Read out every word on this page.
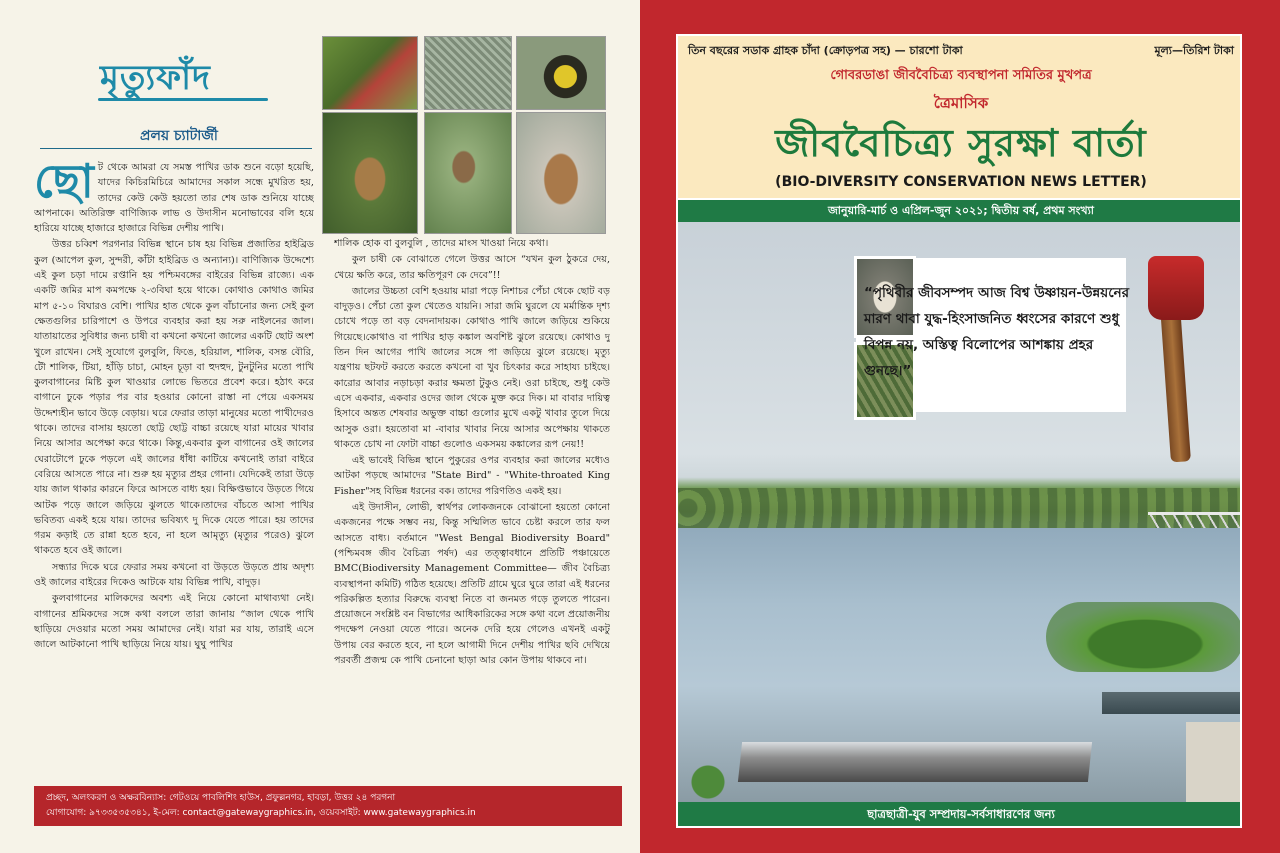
মৃত্যুফাঁদ
প্রলয় চ্যাটার্জী

ছোট থেকে আমরা যে সমস্ত পাখির ডাক শুনে বড়ো হয়েছি, যাদের কিচিরমিচিরে আমাদের সকাল সন্ধে মুখরিত হয়, তাদের কেউ কেউ হয়তো তার শেষ ডাক শুনিয়ে যাচ্ছে আপনাকে। অতিরিক্ত বাণিজ্যিক লাভ ও উদাসীন মনোভাবের বলি হয়ে হারিয়ে যাচ্ছে হাজারে হাজারে বিভিন্ন দেশীয় পাখি।

উত্তর চব্বিশ পরগনার বিভিন্ন স্থানে চাষ হয় বিভিন্ন প্রজাতির হাইব্রিড কুল (আপেল কুল, সুন্দরী, কাঁটা হাইব্রিড ও অন্যান্য)। বাণিজ্যিক উদ্দেশ্যে এই কুল চড়া দামে রপ্তানি হয় পশ্চিমবঙ্গের বাইরের বিভিন্ন রাজ্যে। এক একটি জমির মাপ কমপক্ষে ২-৩বিঘা হয়ে থাকে। কোথাও কোথাও জমির মাপ ৫-১০ বিঘারও বেশি। পাখির হাত থেকে কুল বাঁচানোর জন্য সেই কুল ক্ষেতগুলির চারিপাশে ও উপরে ব্যবহার করা হয় সরু নাইলনের জাল। যাতায়াতের সুবিধার জন্য চাষী বা কখনো কখনো জালের একটি ছোট অংশ খুলে রাখেন। সেই সুযোগে বুলবুলি, ফিঙে, হরিয়াল, শালিক, বসন্ত বৌরি, টৌ শালিক, টিয়া, হাঁড়ি চাচা, মোহন চূড়া বা হুদহুদ, টুনটুনির মতো পাখি কুলবাগানের মিষ্টি কুল খাওয়ার লোভে ভিতরে প্রবেশ করে। হঠাৎ করে বাগানে ঢুকে পড়ার পর বার হওয়ার কোনো রাস্তা না পেয়ে একসময় উদ্দেশ্যহীন ভাবে উড়ে বেড়ায়। ঘরে ফেরার তাড়া মানুষের মতো পাখীদেরও থাকে। তাদের বাসায় হয়তো ছোট্ট ছোট্ট বাচ্চা রয়েছে যারা মায়ের খাবার নিয়ে আসার অপেক্ষা করে থাকে। কিন্তু,একবার কুল বাগানের ওই জালের ঘেরাটোপে ঢুকে পড়লে এই জালের ধাঁধা কাটিয়ে কখনোই তারা বাইরে বেরিয়ে আসতে পারে না। শুরু হয় মৃত্যুর প্রহর গোনা। যেদিকেই তারা উড়ে যায় জাল থাকার কারনে ফিরে আসতে বাধ্য হয়। বিক্ষিপ্তভাবে উড়তে গিয়ে আটক পড়ে জালে জড়িয়ে ঝুলতে থাকে।তাদের বাঁচতে আসা পাখির ভবিতব্য একই হয়ে যায়। তাদের ভবিষ্যৎ দু দিকে যেতে পারে। হয় তাদের গরম কড়াই তে রান্না হতে হবে, না হলে আমৃত্যু (মৃত্যুর পরেও) ঝুলে থাকতে হবে ওই জালে।

সন্ধ্যার দিকে ঘরে ফেরার সময় কখনো বা উড়তে উড়তে প্রায় অদৃশ্য ওই জালের বাইরের দিকেও আটকে যায় বিভিন্ন পাখি, বাদুড়।

কুলবাগানের মালিকদের অবশ্য এই নিয়ে কোনো মাথাব্যথা নেই। বাগানের শ্রমিকদের সঙ্গে কথা বললে তারা জানায় “জাল থেকে পাখি ছাড়িয়ে দেওয়ার মতো সময় আমাদের নেই। যারা মর যায়, তারাই এসে জালে আটকানো পাখি ছাড়িয়ে নিয়ে যায়। ঘুঘু পাখির

শালিক হোক বা বুলবুলি , তাদের মাংস খাওয়া নিয়ে কথা।

কুল চাষী কে বোঝাতে গেলে উত্তর আসে “যখন কুল ঠুকরে দেয়, খেয়ে ক্ষতি করে, তার ক্ষতিপূরণ কে দেবে”!!

জালের উচ্চতা বেশি হওয়ায় মারা পড়ে নিশাচর পেঁচা থেকে ছোট বড় বাদুড়ও। পেঁচা তো কুল খেতেও যায়নি। সারা জমি ঘুরলে যে মর্মান্তিক দৃশ্য চোখে পড়ে তা বড় বেদনাদায়ক। কোথাও পাখি জালে জড়িয়ে শুকিয়ে গিয়েছে।কোথাও বা পাখির হাড় কঙ্কাল অবশিষ্ট ঝুলে রয়েছে। কোথাও দু তিন দিন আগের পাখি জালের সঙ্গে পা জড়িয়ে ঝুলে রয়েছে। মৃত্যু যন্ত্রণায় ছটফট করতে করতে কখনো বা খুব চিৎকার করে সাহায্য চাইছে। কারোর আবার নড়াচড়া করার ক্ষমতা টুকুও নেই। ওরা চাইছে, শুধু কেউ এসে একবার, একবার ওদের জাল থেকে মুক্ত করে দিক। মা বাবার দায়িত্ব হিসাবে অন্তত শেষবার অভুক্ত বাচ্চা গুলোর মুখে একটু খাবার তুলে দিয়ে আসুক ওরা। হয়তোবা মা -বাবার খাবার নিয়ে আসার অপেক্ষায় থাকতে থাকতে চোখ না ফোটা বাচ্চা গুলোও একসময় কঙ্কালের রূপ নেয়!!

এই ভাবেই বিভিন্ন স্থানে পুকুরের ওপর ব্যবহার করা জালের মধ্যেও আটকা পড়ছে আমাদের "State Bird" - "White-throated King Fisher"সহ বিভিন্ন ধরনের বক। তাদের পরিণতিও একই হয়।

এই উদাসীন, লোভী, স্বার্থপর লোকজনকে বোঝানো হয়তো কোনো একজনের পক্ষে সম্ভব নয়, কিন্তু সম্মিলিত ভাবে চেষ্টা করলে তার ফল আসতে বাধ্য। বর্তমানে "West Bengal Biodiversity Board"(পশ্চিমবঙ্গ জীব বৈচিত্র্য পর্ষদ) এর তত্ত্বাবধানে প্রতিটি পঞ্চায়েতে BMC(Biodiversity Management Committee— জীব বৈচিত্র্য ব্যবস্থাপনা কমিটি) গঠিত হয়েছে। প্রতিটি গ্রামে ঘুরে ঘুরে তারা এই ধরনের পরিকল্পিত হত্যার বিরুদ্ধে ব্যবস্থা নিতে বা জনমত গড়ে তুলতে পারেন। প্রয়োজনে সংশ্লিষ্ট বন বিভাগের আধিকারিকের সঙ্গে কথা বলে প্রয়োজনীয় পদক্ষেপ নেওয়া যেতে পারে। অনেক দেরি হয়ে গেলেও এখনই একটু উপায় বের করতে হবে, না হলে আগামী দিনে দেশীয় পাখির ছবি দেখিয়ে পরবর্তী প্রজন্ম কে পাখি চেনানো ছাড়া আর কোন উপায় থাকবে না।

প্রচ্ছদ, অলংকরণ ও অক্ষরবিন্যাস: গেটওয়ে পাবলিশিং হাউস, প্রফুল্লনগর, হাবড়া, উত্তর ২৪ পরগনা
যোগাযোগ: ৯৭৩৩৫৩৫৩৪১, ই-মেল: contact@gatewaygraphics.in, ওয়েবসাইট: www.gatewaygraphics.in
তিন বছরের সডাক গ্রাহক চাঁদা (ক্রোড়পত্র সহ) — চারশো টাকা	মূল্য—তিরিশ টাকা
গোবরডাঙা জীববৈচিত্র্য ব্যবস্থাপনা সমিতির মুখপত্র
ত্রৈমাসিক
জীববৈচিত্র্য সুরক্ষা বার্তা
(BIO-DIVERSITY CONSERVATION NEWS LETTER)
জানুয়ারি-মার্চ ও এপ্রিল-জুন ২০২১; দ্বিতীয় বর্ষ, প্রথম সংখ্যা
“পৃথিবীর জীবসম্পদ আজ বিশ্ব উষ্ণায়ন-উন্নয়নের মারণ থাবা যুদ্ধ-হিংসাজনিত ধ্বংসের কারণে শুধু বিপন্ন নয়, অস্তিত্ব বিলোপের আশঙ্কায় প্রহর গুনছে।”
ছাত্রছাত্রী-যুব সম্প্রদায়-সর্বসাধারণের জন্য
